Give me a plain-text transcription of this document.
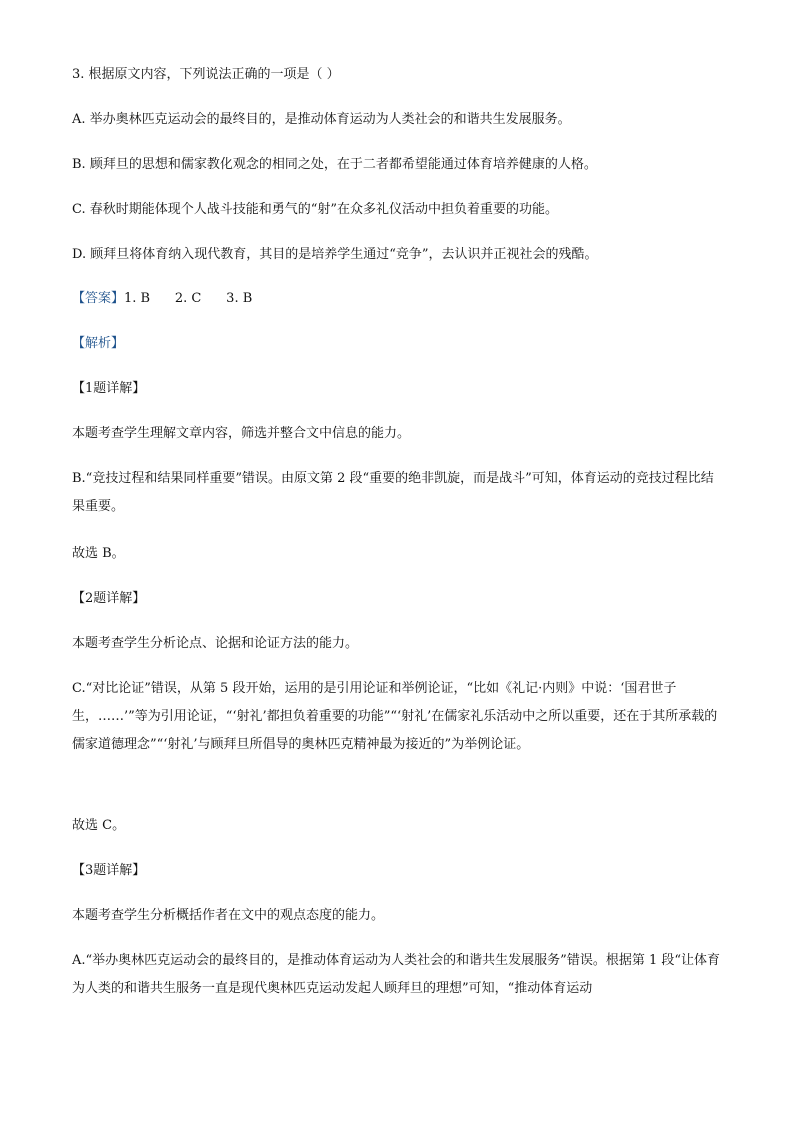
3. 根据原文内容，下列说法正确的一项是（ ）
A. 举办奥林匹克运动会的最终目的，是推动体育运动为人类社会的和谐共生发展服务。
B. 顾拜旦的思想和儒家教化观念的相同之处，在于二者都希望能通过体育培养健康的人格。
C. 春秋时期能体现个人战斗技能和勇气的“射”在众多礼仪活动中担负着重要的功能。
D. 顾拜旦将体育纳入现代教育，其目的是培养学生通过“竞争”，去认识并正视社会的残酷。
【答案】1. B      2. C      3. B
【解析】
【1题详解】
本题考查学生理解文章内容，筛选并整合文中信息的能力。
B.“竞技过程和结果同样重要”错误。由原文第 2 段“重要的绝非凯旋，而是战斗”可知，体育运动的竞技过程比结果重要。
故选 B。
【2题详解】
本题考查学生分析论点、论据和论证方法的能力。
C.“对比论证”错误，从第 5 段开始，运用的是引用论证和举例论证，“比如《礼记·内则》中说：‘国君世子生，……’”等为引用论证，“‘射礼’都担负着重要的功能”“‘射礼’在儒家礼乐活动中之所以重要，还在于其所承载的儒家道德理念”“‘射礼’与顾拜旦所倡导的奥林匹克精神最为接近的”为举例论证。
故选 C。
【3题详解】
本题考查学生分析概括作者在文中的观点态度的能力。
A.“举办奥林匹克运动会的最终目的，是推动体育运动为人类社会的和谐共生发展服务”错误。根据第 1 段“让体育为人类的和谐共生服务一直是现代奥林匹克运动发起人顾拜旦的理想”可知，“推动体育运动
